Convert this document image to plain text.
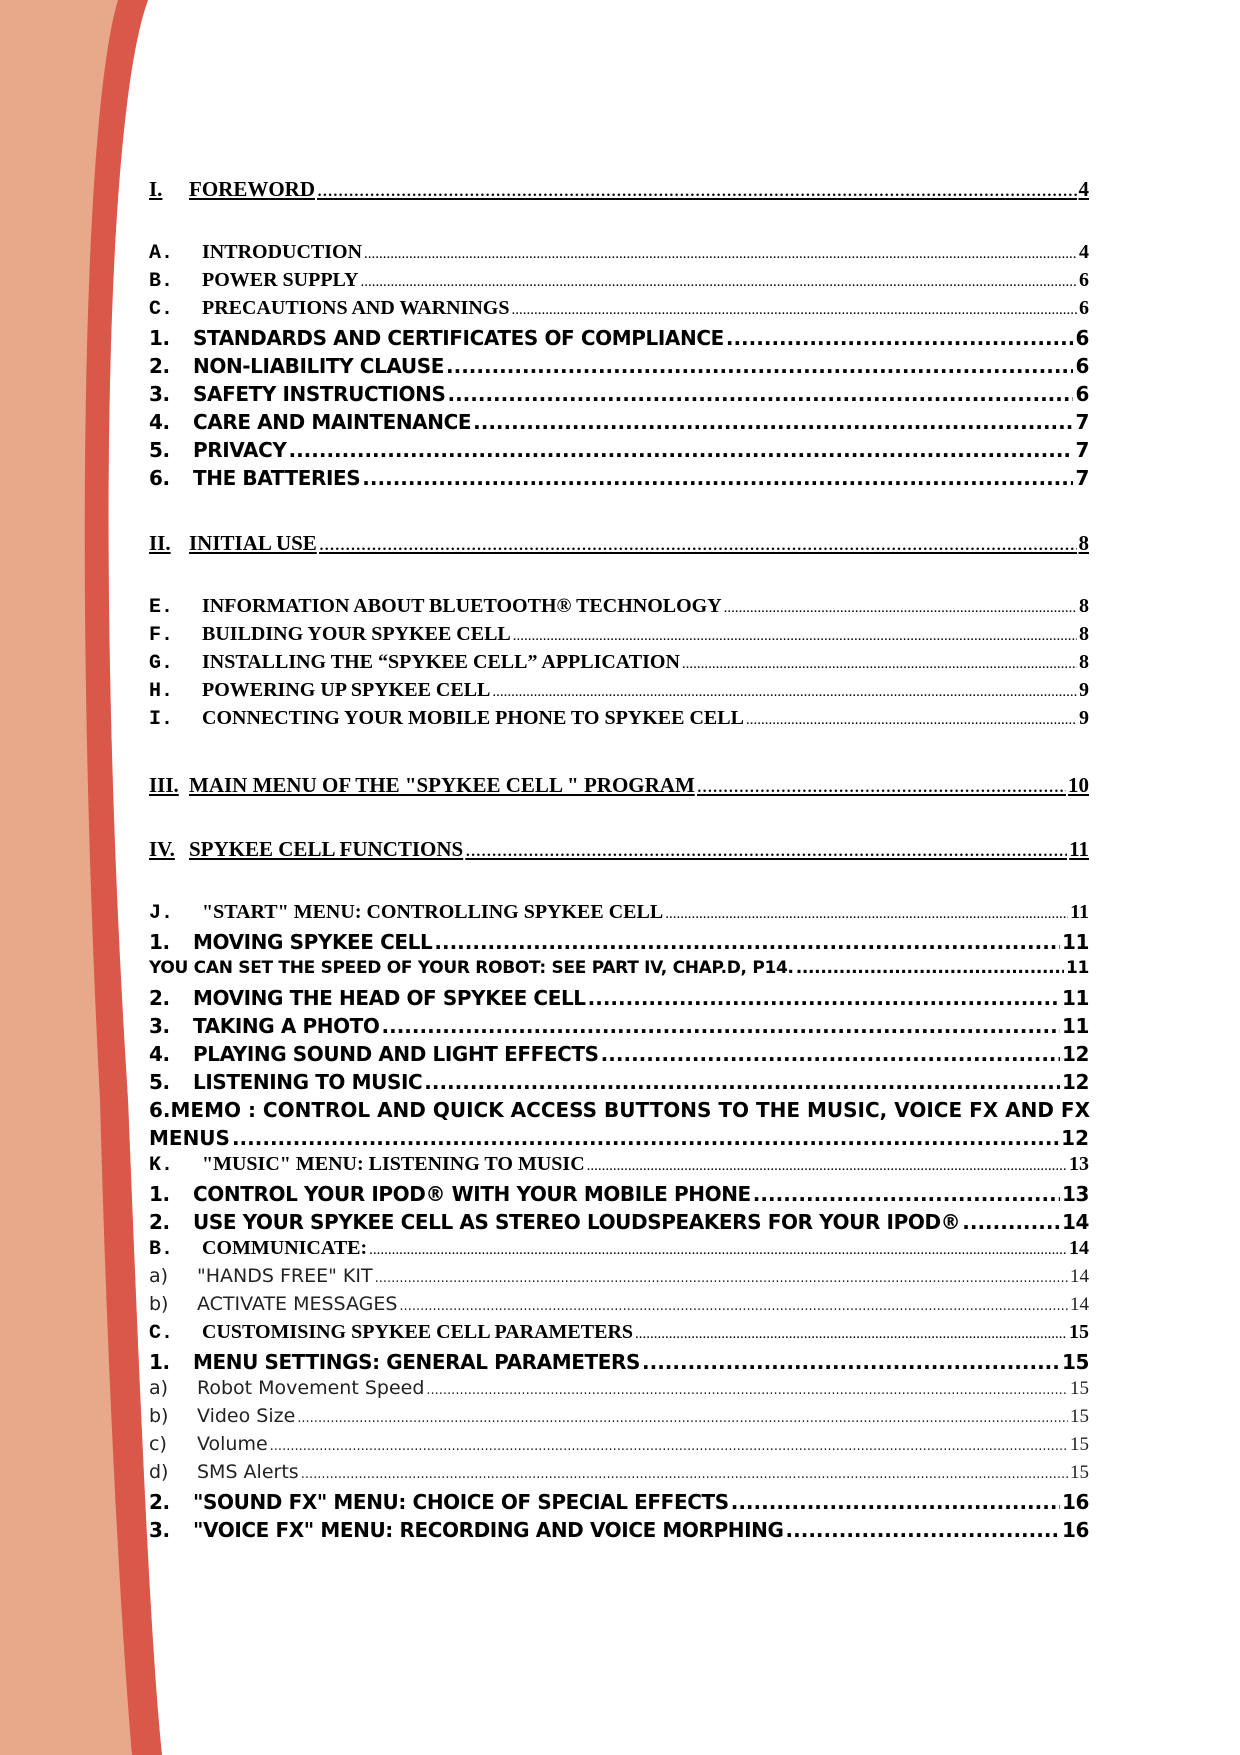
I.	FOREWORD .....	4
A.	INTRODUCTION .....	4
B.	POWER SUPPLY .....	6
C.	PRECAUTIONS AND WARNINGS .....	6
1.	STANDARDS AND CERTIFICATES OF COMPLIANCE .....	6
2.	NON-LIABILITY CLAUSE .....	6
3.	SAFETY INSTRUCTIONS .....	6
4.	CARE AND MAINTENANCE .....	7
5.	PRIVACY .....	7
6.	THE BATTERIES .....	7
II. INITIAL USE .....	8
E.	INFORMATION ABOUT BLUETOOTH® TECHNOLOGY .....	8
F.	BUILDING YOUR SPYKEE CELL .....	8
G.	INSTALLING THE “SPYKEE CELL” APPLICATION .....	8
H.	POWERING UP SPYKEE CELL .....	9
I.	CONNECTING YOUR MOBILE PHONE TO SPYKEE CELL .....	9
III. MAIN MENU OF THE "SPYKEE CELL " PROGRAM .....	10
IV. SPYKEE CELL FUNCTIONS .....	11
J.	"START" MENU: CONTROLLING SPYKEE CELL .....	11
1.	MOVING SPYKEE CELL .....	11
YOU CAN SET THE SPEED OF YOUR ROBOT: SEE PART IV, CHAP.D, P14. .....	11
2.	MOVING THE HEAD OF SPYKEE CELL .....	11
3.	TAKING A PHOTO .....	11
4.	PLAYING SOUND AND LIGHT EFFECTS .....	12
5.	LISTENING TO MUSIC .....	12
6. MEMO : CONTROL AND QUICK ACCESS BUTTONS TO THE MUSIC, VOICE FX AND FX
MENUS .....	12
K.	"MUSIC" MENU: LISTENING TO MUSIC .....	13
1.	CONTROL YOUR IPOD® WITH YOUR MOBILE PHONE .....	13
2.	USE YOUR SPYKEE CELL AS STEREO LOUDSPEAKERS FOR YOUR IPOD® .....	14
B.	COMMUNICATE: .....	14
a)	"HANDS FREE" KIT .....	14
b)	ACTIVATE MESSAGES .....	14
C.	CUSTOMISING SPYKEE CELL PARAMETERS .....	15
1.	MENU SETTINGS: GENERAL PARAMETERS .....	15
a)	Robot Movement Speed .....	15
b)	Video Size .....	15
c)	Volume .....	15
d)	SMS Alerts .....	15
2.	"SOUND FX" MENU: CHOICE OF SPECIAL EFFECTS .....	16
3.	"VOICE FX" MENU: RECORDING AND VOICE MORPHING .....	16
